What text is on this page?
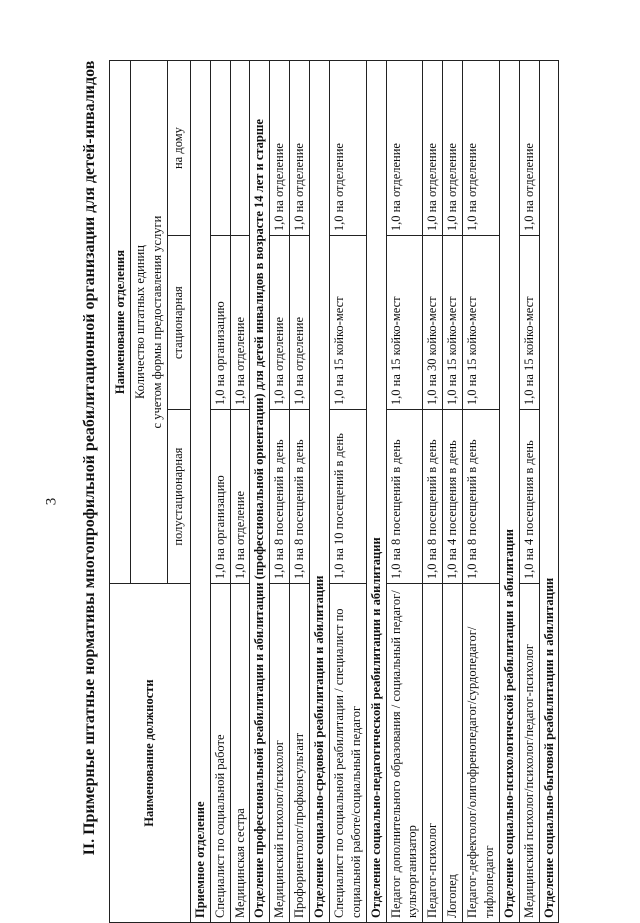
3 II. Примерные штатные нормативы многопрофильной реабилитационной организации для детей-инвалидов	Наименование должности	Наименование отделения		

	Количество штатных единиц с учетом формы предоставления услуги		

	полустационарная	стационарная	на дому
Приемное отделение			
Специалист по социальной работе	1,0 на организацию	1,0 на организацию	
Медицинская сестра	1,0 на отделение	1,0 на отделение	
Отделение профессиональной реабилитации и абилитации (профессиональной ориентации) для детей инвалидов в возрасте 14 лет и старше			
Медицинский психолог/психолог	1,0 на 8 посещений в день	1,0 на отделение	1,0 на отделение
Профориентолог/профконсультант	1,0 на 8 посещений в день	1,0 на отделение	1,0 на отделение
Отделение социально-средовой реабилитации и абилитации			
Специалист по социальной реабилитации / специалист по социальной работе/социальный педагог	1,0 на 10 посещений в день	1,0 на 15 койко-мест	1,0 на отделение
Отделение социально-педагогической реабилитации и абилитации			
Педагог дополнительного образования / социальный педагог/культорганизатор	1,0 на 8 посещений в день	1,0 на 15 койко-мест	1,0 на отделение
Педагог-психолог	1,0 на 8 посещений в день	1,0 на 30 койко-мест	1,0 на отделение
Логопед	1,0 на 4 посещения в день	1,0 на 15 койко-мест	1,0 на отделение
Педагог-дефектолог/олигофренопедагог/сурдопедагог/тифлопедагог	1,0 на 8 посещений в день	1,0 на 15 койко-мест	1,0 на отделение
Отделение социально-психологической реабилитации и абилитации			
Медицинский психолог/психолог/педагог-психолог	1,0 на 4 посещения в день	1,0 на 15 койко-мест	1,0 на отделение
Отделение социально-бытовой реабилитации и абилитации			
